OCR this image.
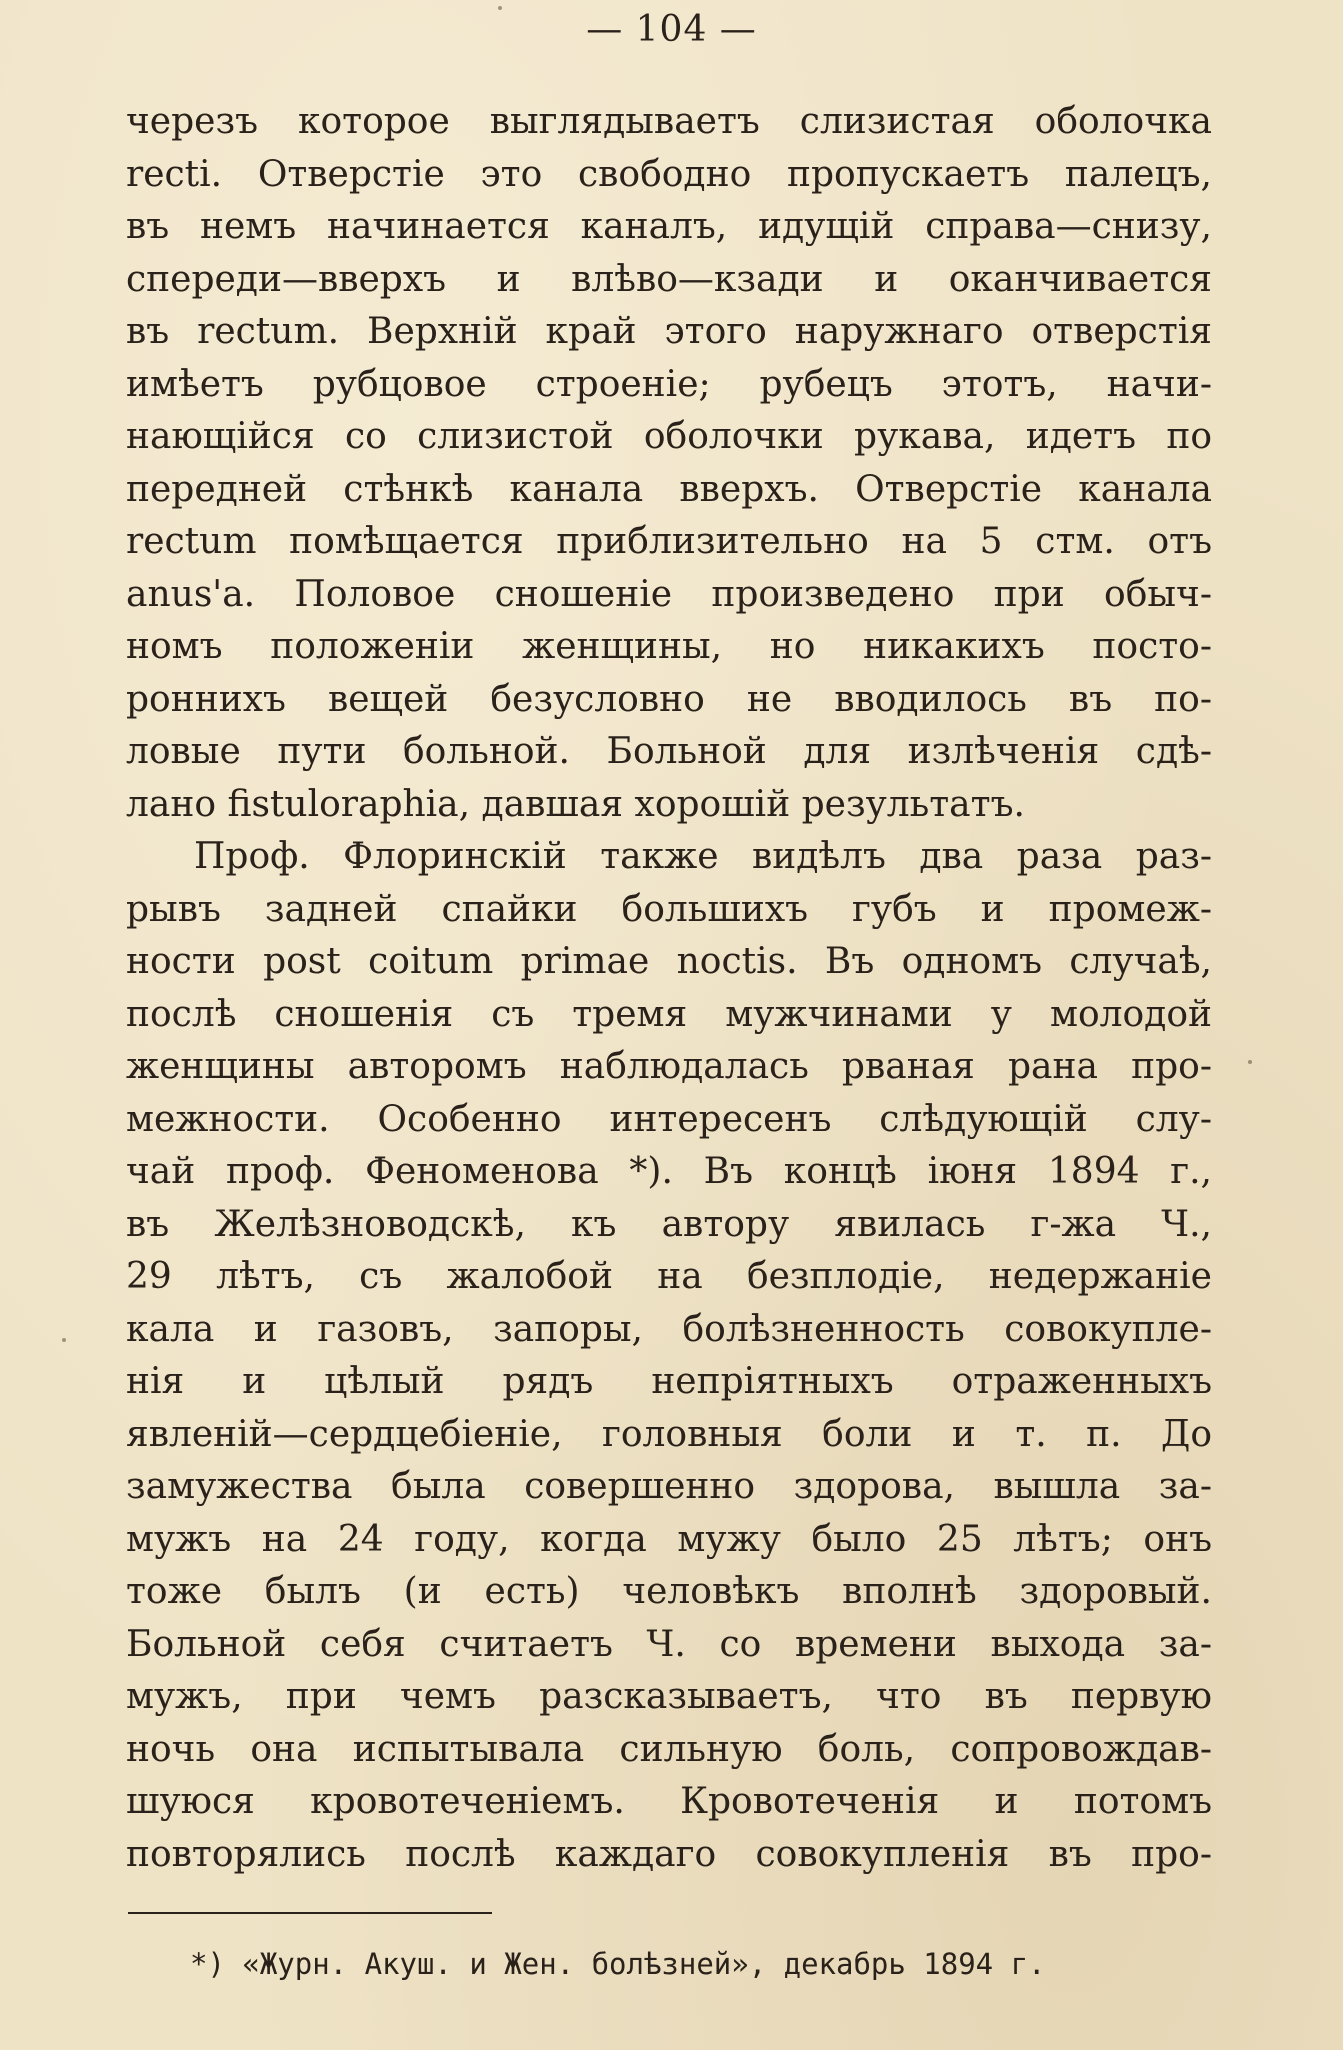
— 104 —

черезъ которое выглядываетъ слизистая оболочка
recti. Отверстіе это свободно пропускаетъ палецъ,
въ немъ начинается каналъ, идущій справа—снизу,
спереди—вверхъ и влѣво—кзади и оканчивается
въ rectum. Верхній край этого наружнаго отверстія
имѣетъ рубцовое строеніе; рубецъ этотъ, начи-
нающійся со слизистой оболочки рукава, идетъ по
передней стѣнкѣ канала вверхъ. Отверстіе канала
rectum помѣщается приблизительно на 5 стм. отъ
anus'a. Половое сношеніе произведено при обыч-
номъ положеніи женщины, но никакихъ посто-
роннихъ вещей безусловно не вводилось въ по-
ловые пути больной. Больной для излѣченія сдѣ-
лано fistuloraphia, давшая хорошій результатъ.

Проф. Флоринскій также видѣлъ два раза раз-
рывъ задней спайки большихъ губъ и промеж-
ности post coitum primae noctis. Въ одномъ случаѣ,
послѣ сношенія съ тремя мужчинами у молодой
женщины авторомъ наблюдалась рваная рана про-
межности. Особенно интересенъ слѣдующій слу-
чай проф. Феноменова *). Въ концѣ іюня 1894 г.,
въ Желѣзноводскѣ, къ автору явилась г-жа Ч.,
29 лѣтъ, съ жалобой на безплодіе, недержаніе
кала и газовъ, запоры, болѣзненность совокупле-
нія и цѣлый рядъ непріятныхъ отраженныхъ
явленій—сердцебіеніе, головныя боли и т. п. До
замужества была совершенно здорова, вышла за-
мужъ на 24 году, когда мужу было 25 лѣтъ; онъ
тоже былъ (и есть) человѣкъ вполнѣ здоровый.
Больной себя считаетъ Ч. со времени выхода за-
мужъ, при чемъ разсказываетъ, что въ первую
ночь она испытывала сильную боль, сопровождав-
шуюся кровотеченіемъ. Кровотеченія и потомъ
повторялись послѣ каждаго совокупленія въ про-

*) «Журн. Акуш. и Жен. болѣзней», декабрь 1894 г.
